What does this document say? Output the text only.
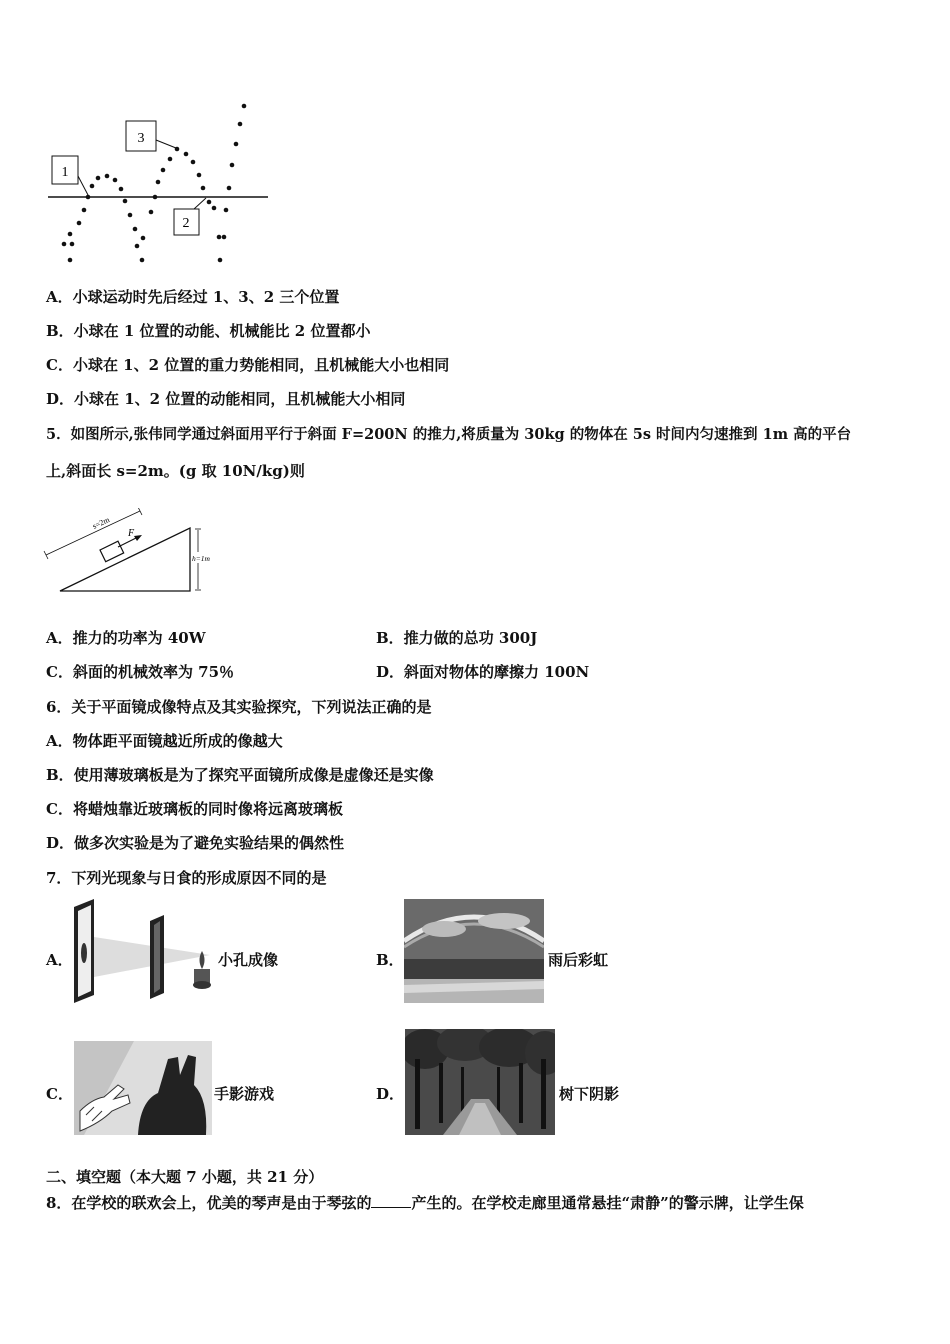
1
3
2
A．小球运动时先后经过 1、3、2 三个位置
B．小球在 1 位置的动能、机械能比 2 位置都小
C．小球在 1、2 位置的重力势能相同，且机械能大小也相同
D．小球在 1、2 位置的动能相同，且机械能大小相同
5．如图所示,张伟同学通过斜面用平行于斜面 F=200N 的推力,将质量为 30kg 的物体在 5s 时间内匀速推到 1m 高的平台
上,斜面长 s=2m。(g 取 10N/kg)则
s=2m
F
h=1m
A．推力的功率为 40W	B．推力做的总功 300J
C．斜面的机械效率为 75％	D．斜面对物体的摩擦力 100N
6．关于平面镜成像特点及其实验探究，下列说法正确的是
A．物体距平面镜越近所成的像越大
B．使用薄玻璃板是为了探究平面镜所成像是虚像还是实像
C．将蜡烛靠近玻璃板的同时像将远离玻璃板
D．做多次实验是为了避免实验结果的偶然性
7．下列光现象与日食的形成原因不同的是
A．	小孔成像	B．	雨后彩虹
C．	手影游戏	D．	树下阴影
二、填空题（本大题 7 小题，共 21 分）
8．在学校的联欢会上，优美的琴声是由于琴弦的	产生的。在学校走廊里通常悬挂“肃静”的警示牌，让学生保
